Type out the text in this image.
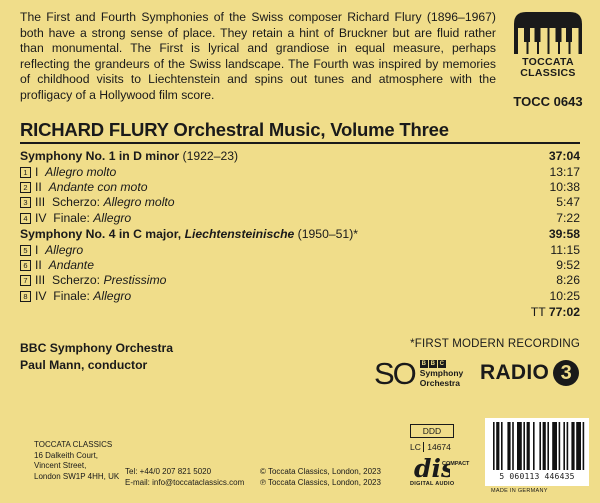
The First and Fourth Symphonies of the Swiss composer Richard Flury (1896–1967) both have a strong sense of place. They retain a hint of Bruckner but are fluid rather than monumental. The First is lyrical and grandiose in equal measure, perhaps reflecting the grandeurs of the Swiss landscape. The Fourth was inspired by memories of childhood visits to Liechtenstein and spins out tunes and atmosphere with the profligacy of a Hollywood film score.

TOCCATA
CLASSICS
TOCC 0643
RICHARD FLURY Orchestral Music, Volume Three
Symphony No. 1 in D minor (1922–23)	37:04
1 I Allegro molto	13:17
2 II Andante con moto	10:38
3 III Scherzo: Allegro molto	5:47
4 IV Finale: Allegro	7:22
Symphony No. 4 in C major, Liechtensteinische (1950–51)*	39:58
5 I Allegro	11:15
6 II Andante	9:52
7 III Scherzo: Prestissimo	8:26
8 IV Finale: Allegro	10:25
TT 77:02
BBC Symphony Orchestra
Paul Mann, conductor
*FIRST MODERN RECORDING
SO	B B C
Symphony
Orchestra RADIO 3
TOCCATA CLASSICS
16 Dalkeith Court,
Vincent Street,
London SW1P 4HH, UK Tel: +44/0 207 821 5020
E-mail: info@toccataclassics.com
© Toccata Classics, London, 2023
℗ Toccata Classics, London, 2023
DDD
LC 14674
di COMPACT
DIGITAL AUDIO
5 060113 446435
MADE IN GERMANY
